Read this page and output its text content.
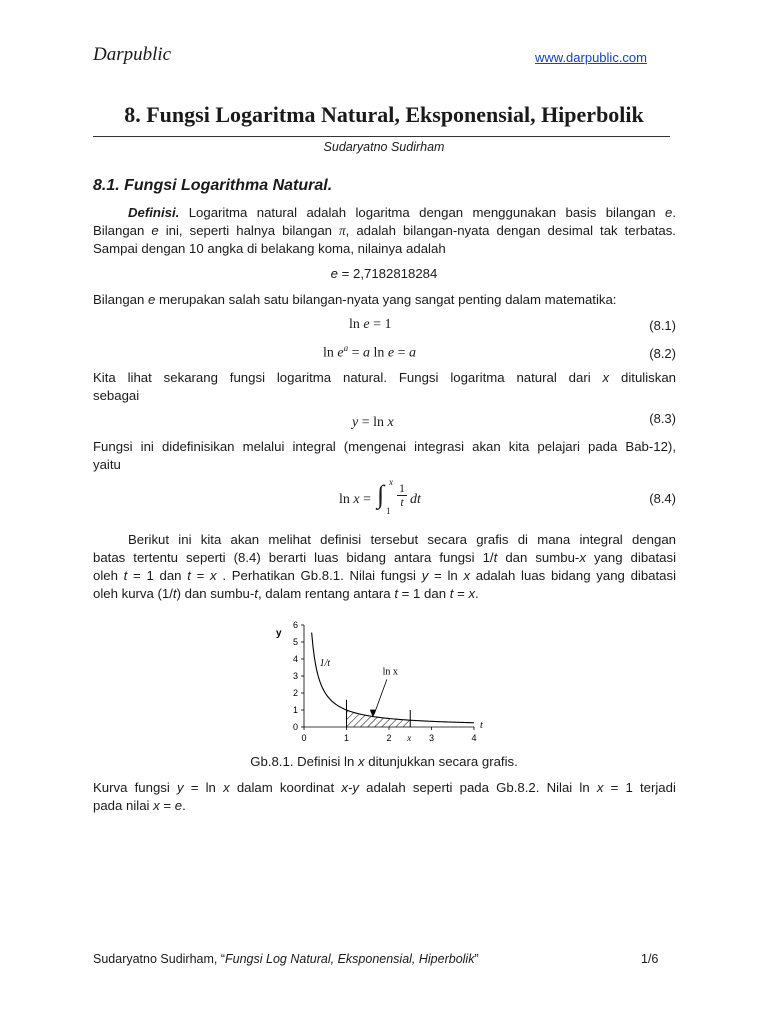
Darpublic	www.darpublic.com
8. Fungsi Logaritma Natural, Eksponensial, Hiperbolik
Sudaryatno Sudirham
8.1. Fungsi Logarithma Natural.
Definisi. Logaritma natural adalah logaritma dengan menggunakan basis bilangan e.
Bilangan e ini, seperti halnya bilangan π, adalah bilangan-nyata dengan desimal tak terbatas.
Sampai dengan 10 angka di belakang koma, nilainya adalah
e = 2,7182818284
Bilangan e merupakan salah satu bilangan-nyata yang sangat penting dalam matematika:
ln e = 1	(8.1)
$\ln e^a = a$ ln e = a	(8.2)
Kita lihat sekarang fungsi logaritma natural. Fungsi logaritma natural dari x dituliskan
sebagai
y = ln x	(8.3)
Fungsi ini didefinisikan melalui integral (mengenai integrasi akan kita pelajari pada Bab-12),
yaitu
ln x = ∫ x
1
1

t dt	(8.4)
Berikut ini kita akan melihat definisi tersebut secara grafis di mana integral dengan
batas tertentu seperti (8.4) berarti luas bidang antara fungsi 1/t dan sumbu-x yang dibatasi
oleh t = 1 dan t = x . Perhatikan Gb.8.1. Nilai fungsi y = ln x adalah luas bidang yang dibatasi
oleh kurva (1/t) dan sumbu-t, dalam rentang antara t = 1 dan t = x.
0
1
2
3
4
5
6
0	1	2	3	4
y
t
1/t
ln x
x
Gb.8.1. Definisi ln x ditunjukkan secara grafis.
Kurva fungsi y = ln x dalam koordinat x-y adalah seperti pada Gb.8.2. Nilai ln x = 1 terjadi
pada nilai x = e.
Sudaryatno Sudirham, “Fungsi Log Natural, Eksponensial, Hiperbolik”	1/6
